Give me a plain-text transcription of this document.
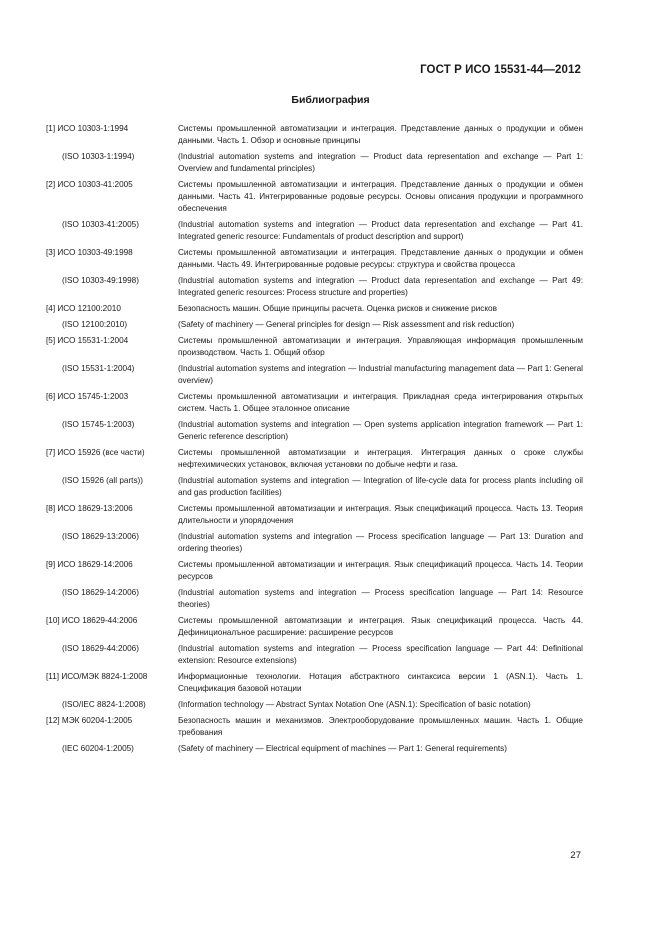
ГОСТ Р ИСО 15531-44—2012
Библиография
[1] ИСО 10303-1:1994	Системы промышленной автоматизации и интеграция. Представление данных о продукции и обмен данными. Часть 1. Обзор и основные принципы
(ISO 10303-1:1994)	(Industrial automation systems and integration — Product data representation and exchange — Part 1: Overview and fundamental principles)
[2] ИСО 10303-41:2005	Системы промышленной автоматизации и интеграция. Представление данных о продукции и обмен данными. Часть 41. Интегрированные родовые ресурсы. Основы описания продукции и программного обеспечения
(ISO 10303-41:2005)	(Industrial automation systems and integration — Product data representation and exchange — Part 41. Integrated generic resource: Fundamentals of product description and support)
[3] ИСО 10303-49:1998	Системы промышленной автоматизации и интеграция. Представление данных о продукции и обмен данными. Часть 49. Интегрированные родовые ресурсы: структура и свойства процесса
(ISO 10303-49:1998)	(Industrial automation systems and integration — Product data representation and exchange — Part 49: Integrated generic resources: Process structure and properties)
[4] ИСО 12100:2010	Безопасность машин. Общие принципы расчета. Оценка рисков и снижение рисков
(ISO 12100:2010)	(Safety of machinery — General principles for design — Risk assessment and risk reduction)
[5] ИСО 15531-1:2004	Системы промышленной автоматизации и интеграция. Управляющая информация промышленным производством. Часть 1. Общий обзор
(ISO 15531-1:2004)	(Industrial automation systems and integration — Industrial manufacturing management data — Part 1: General overview)
[6] ИСО 15745-1:2003	Системы промышленной автоматизации и интеграция. Прикладная среда интегрирования открытых систем. Часть 1. Общее эталонное описание
(ISO 15745-1:2003)	(Industrial automation systems and integration — Open systems application integration framework — Part 1: Generic reference description)
[7] ИСО 15926 (все части)	Системы промышленной автоматизации и интеграция. Интеграция данных о сроке службы нефтехимических установок, включая установки по добыче нефти и газа.
(ISO 15926 (all parts))	(Industrial automation systems and integration — Integration of life-cycle data for process plants including oil and gas production facilities)
[8] ИСО 18629-13:2006	Системы промышленной автоматизации и интеграция. Язык спецификаций процесса. Часть 13. Теория длительности и упорядочения
(ISO 18629-13:2006)	(Industrial automation systems and integration — Process specification language — Part 13: Duration and ordering theories)
[9] ИСО 18629-14:2006	Системы промышленной автоматизации и интеграция. Язык спецификаций процесса. Часть 14. Теории ресурсов
(ISO 18629-14:2006)	(Industrial automation systems and integration — Process specification language — Part 14: Resource theories)
[10] ИСО 18629-44:2006	Системы промышленной автоматизации и интеграция. Язык спецификаций процесса. Часть 44. Дефиниционалъное расширение: расширение ресурсов
(ISO 18629-44:2006)	(Industrial automation systems and integration — Process specification language — Part 44: Definitional extension: Resource extensions)
[11] ИСО/МЭК 8824-1:2008	Информационные технологии. Нотация абстрактного синтаксиса версии 1 (ASN.1). Часть 1. Спецификация базовой нотации
(ISO/IEC 8824-1:2008)	(Information technology — Abstract Syntax Notation One (ASN.1): Specification of basic notation)
[12] МЭК 60204-1:2005	Безопасность машин и механизмов. Электрооборудование промышленных машин. Часть 1. Общие требования
(IEC 60204-1:2005)	(Safety of machinery — Electrical equipment of machines — Part 1: General requirements)
27
